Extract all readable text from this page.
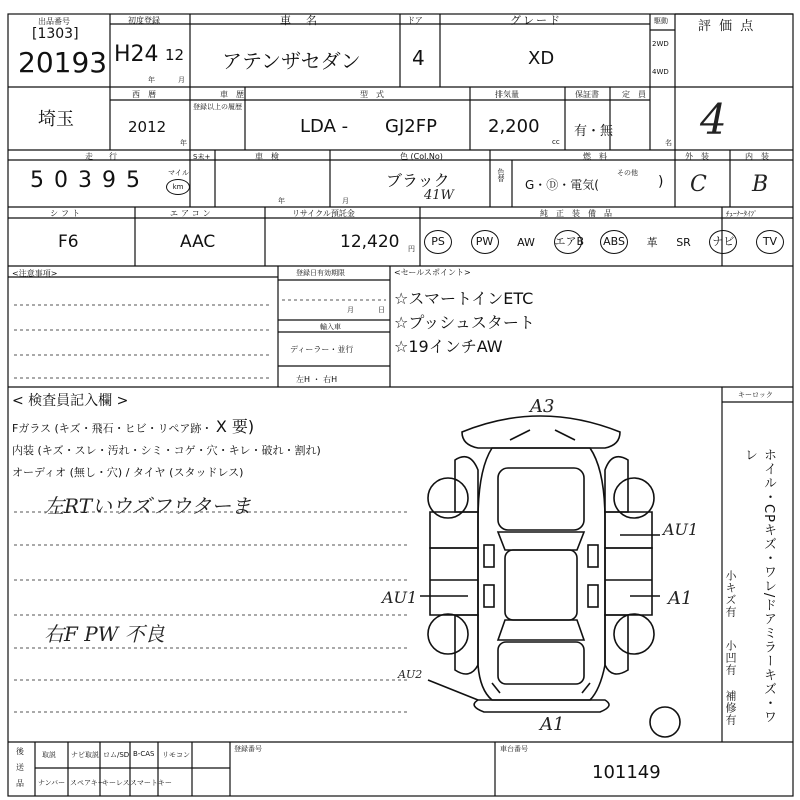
出品番号
[1303]
20193
初度登録
H24 12
年	月
車　名
アテンザセダン
ドア
4
グレード
XD
駆動
2WD
4WD
評 価 点
4
埼玉
西　暦
2012
年
車　歴
登録以上の履歴
型　式
LDA - GJ2FP
排気量
2,200
cc
保証書
有・無
定　員
名
走　行
5 0 3 9 5	マイル
km
S未+	車　検
年	月
色 (Col.No)
ブラック
41W
色替
燃　料
G・Ⓓ・電気(
その他
)
外　装
C
内　装
B
シフト
F6
エアコン
AAC
リサイクル預託金
12,420 円
純　正　装　備　品	ﾁｭｰﾅｰﾀｲﾌﾟ
PS	PW	AW エアB ABS 革 SR ナビ	TV
<注意事項>	登録日有効期限
月	日
輸入車
ディーラー・並行
左H ・ 右H
<セールスポイント>
☆スマートインETC
☆プッシュスタート
☆19インチAW
< 検査員記入欄 >
Fガラス (キズ・飛石・ヒビ・リペア跡・ X 要)
内装 (キズ・スレ・汚れ・シミ・コゲ・穴・キレ・破れ・割れ)
オーディオ (無し・穴) / タイヤ (スタッドレス)
左RTいウズフウターま
右F PW 不良
キーロック
ホイル・CPキズ・ワレ/ドアミラーキズ・ワレ
小キズ有
小凹有
補修有
A3
AU1
AU1	A1
AU2
A1
後
送
品
取説 ナビ取説 ロム/SD B-CAS リモコン
ナンバー スペアキー
キーレス スマートキー
登録番号	車台番号
101149
